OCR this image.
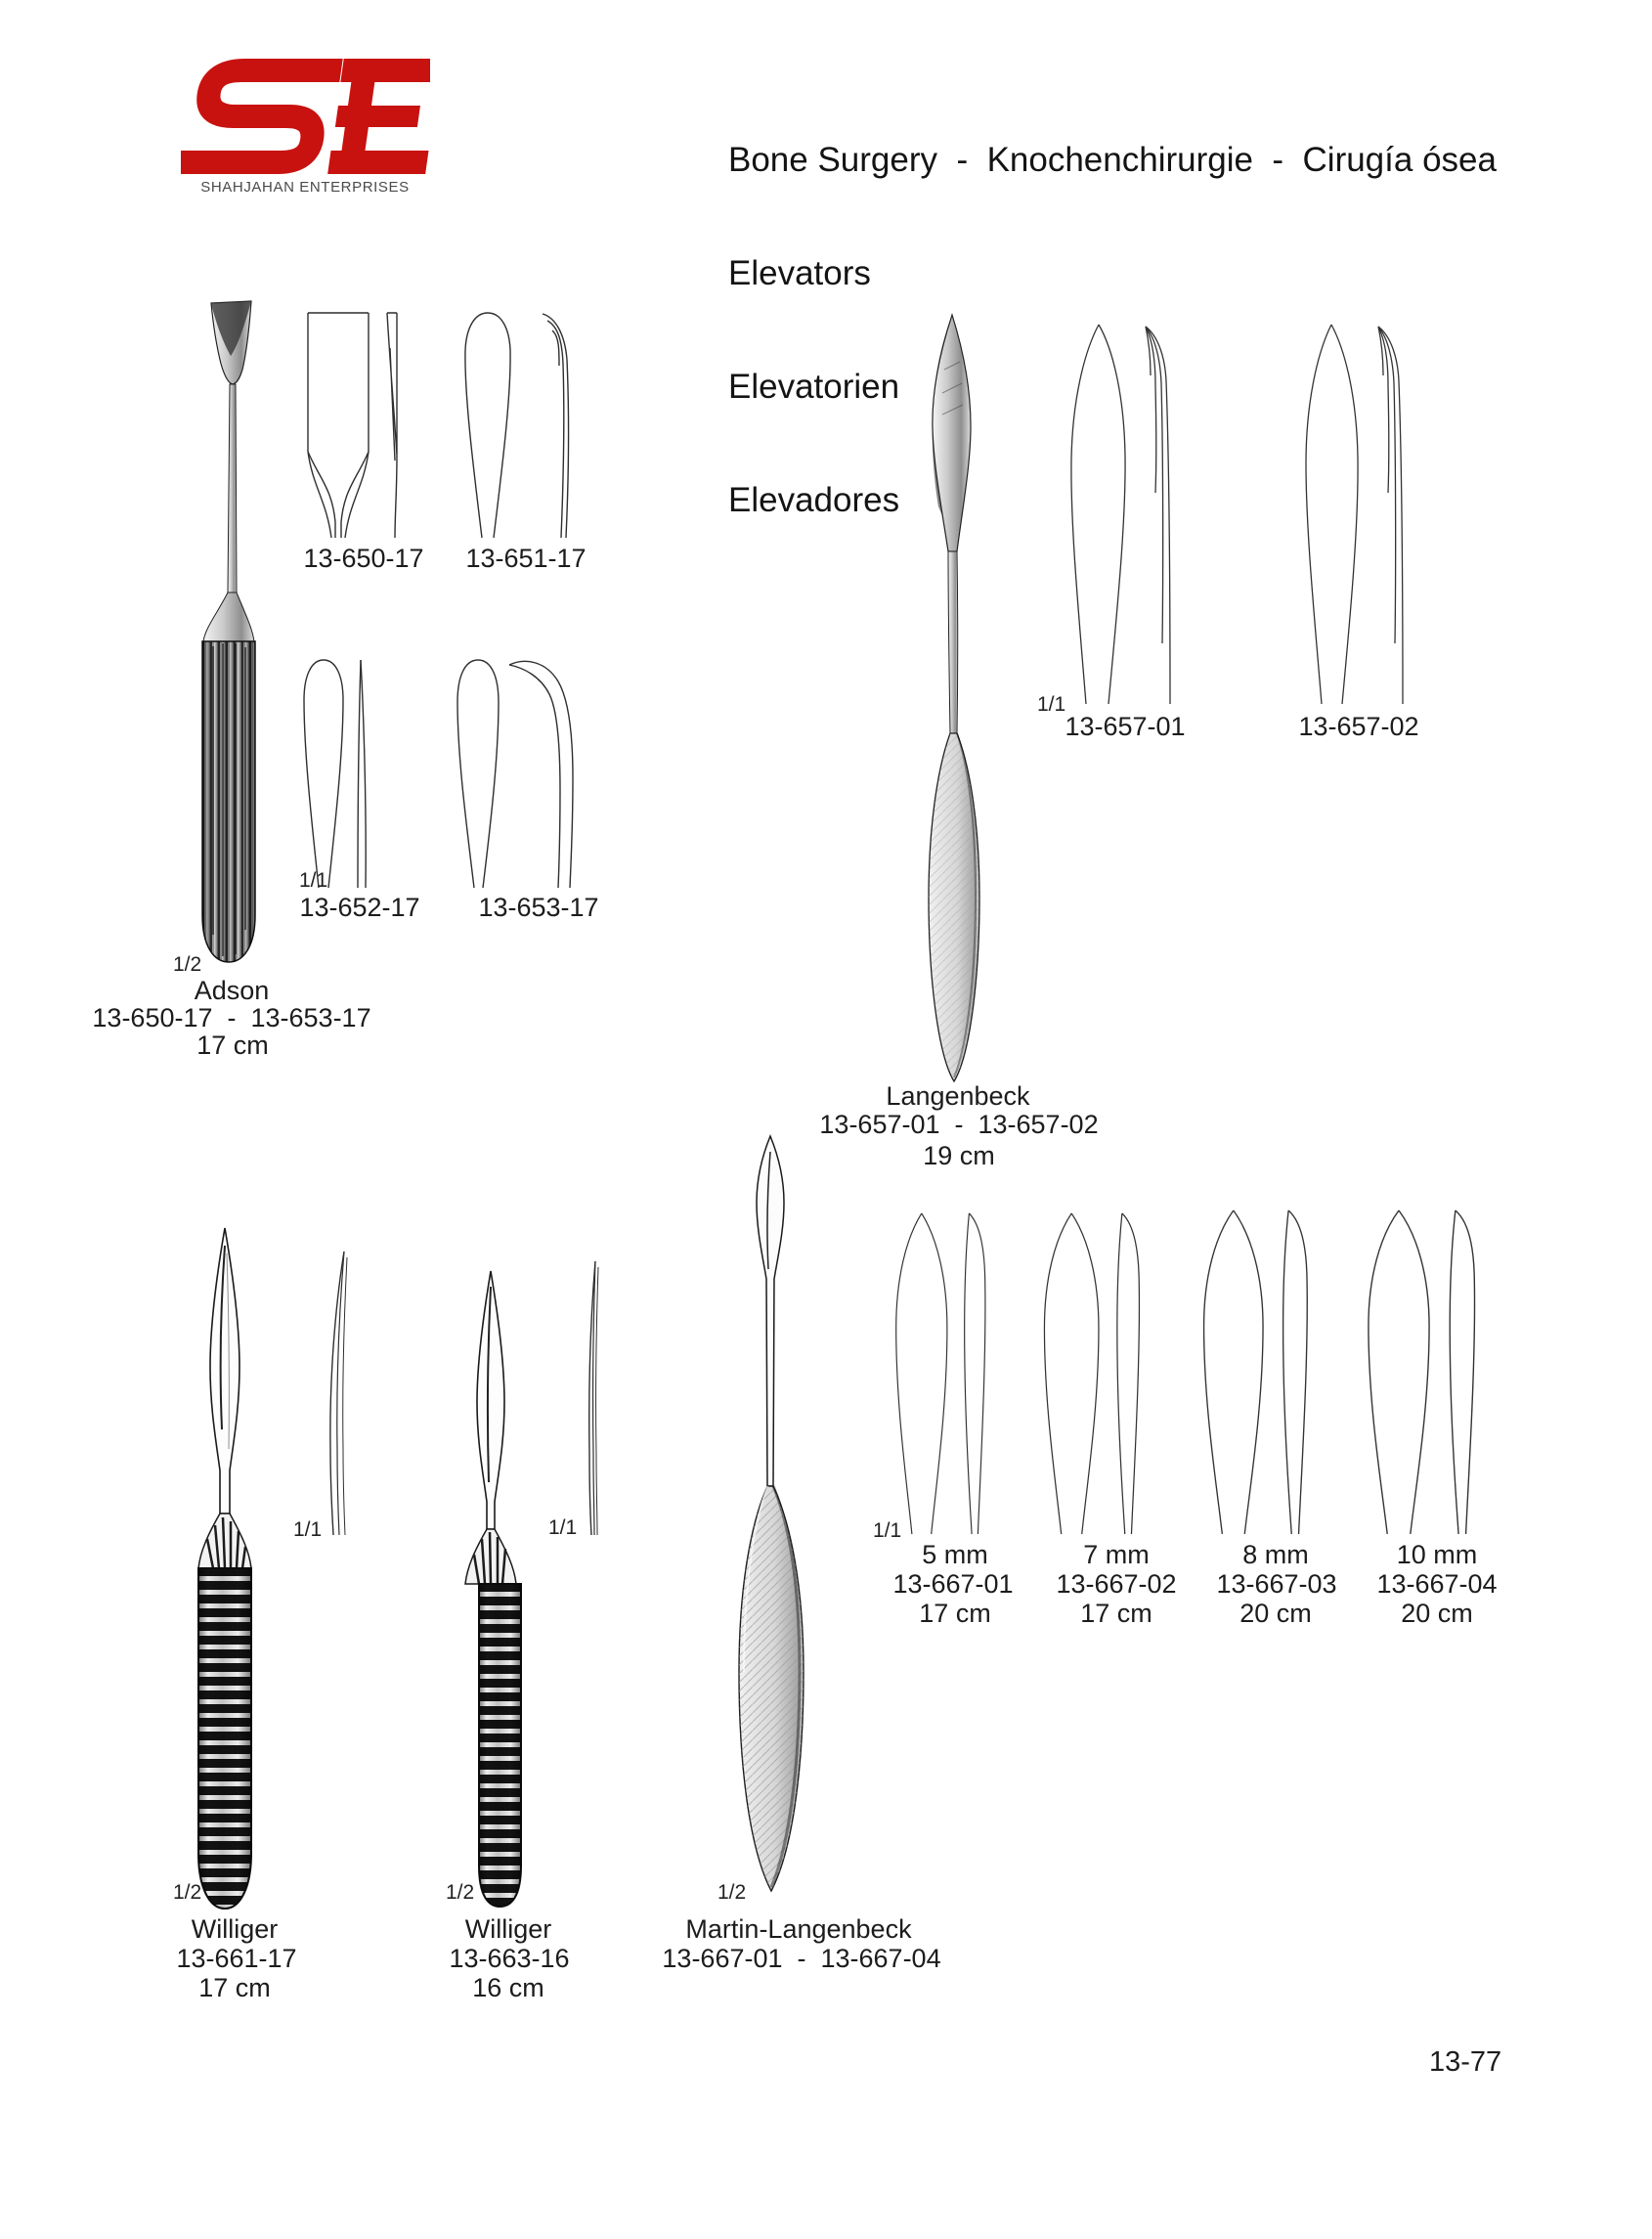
SHAHJAHAN ENTERPRISES

Bone Surgery  -  Knochenchirurgie  -  Cirugía ósea

Elevators

Elevatorien

Elevadores

13-650-17 13-651-17
1/1
13-652-17 13-653-17
1/2
Adson
13-650-17  -  13-653-17
17 cm
1/1
13-657-01	13-657-02
Langenbeck
13-657-01  -  13-657-02
19 cm
1/1	1/1	1/1
5 mm	7 mm	8 mm	10 mm
13-667-01 13-667-02 13-667-03 13-667-04
17 cm	17 cm	20 cm	20 cm
1/2	1/2	1/2
Williger
13-661-17
17 cm
Williger
13-663-16
16 cm
Martin-Langenbeck
13-667-01  -  13-667-04
13-77
